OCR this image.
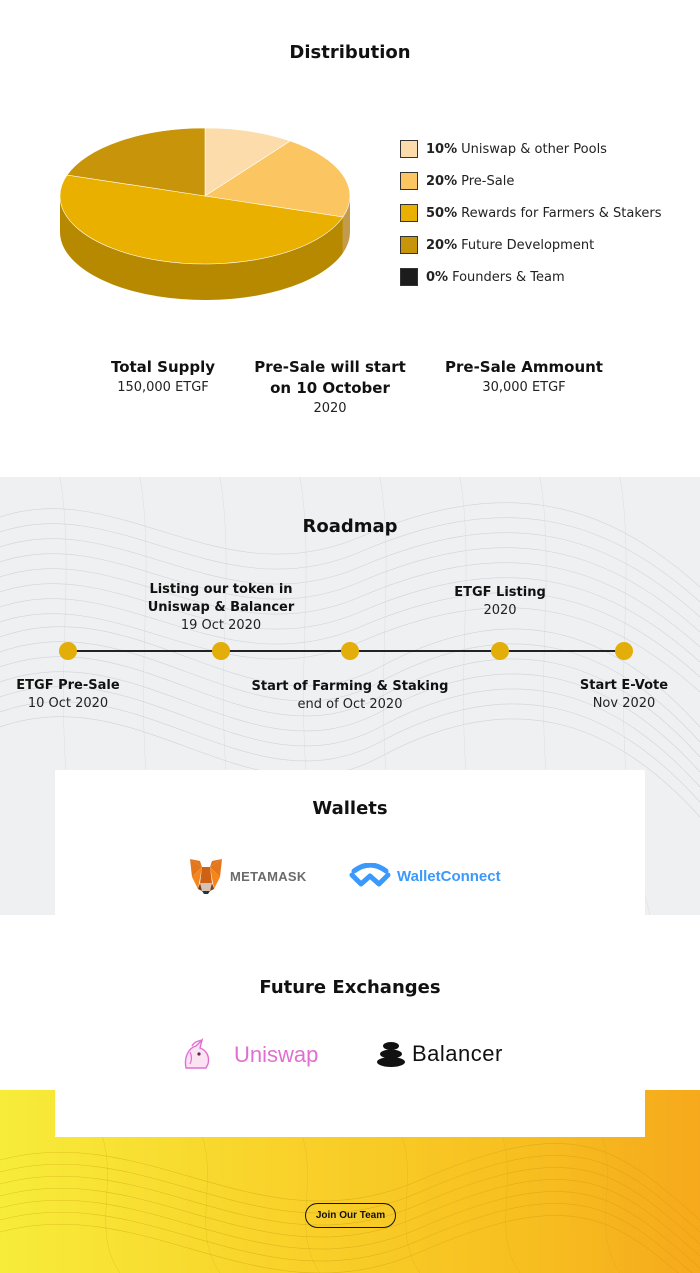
Distribution
10% Uniswap & other Pools
20% Pre-Sale
50% Rewards for Farmers & Stakers
20% Future Development
0% Founders & Team
Total Supply
150,000 ETGF
Pre-Sale will start
on 10 October
2020
Pre-Sale Ammount
30,000 ETGF
Roadmap
ETGF Pre-Sale
10 Oct 2020
Listing our token in
Uniswap & Balancer
19 Oct 2020
Start of Farming & Staking
end of Oct 2020
ETGF Listing
2020
Start E-Vote
Nov 2020
Wallets
METAMASK	WalletConnect
Future Exchanges
Uniswap	Balancer
Join Our Team
